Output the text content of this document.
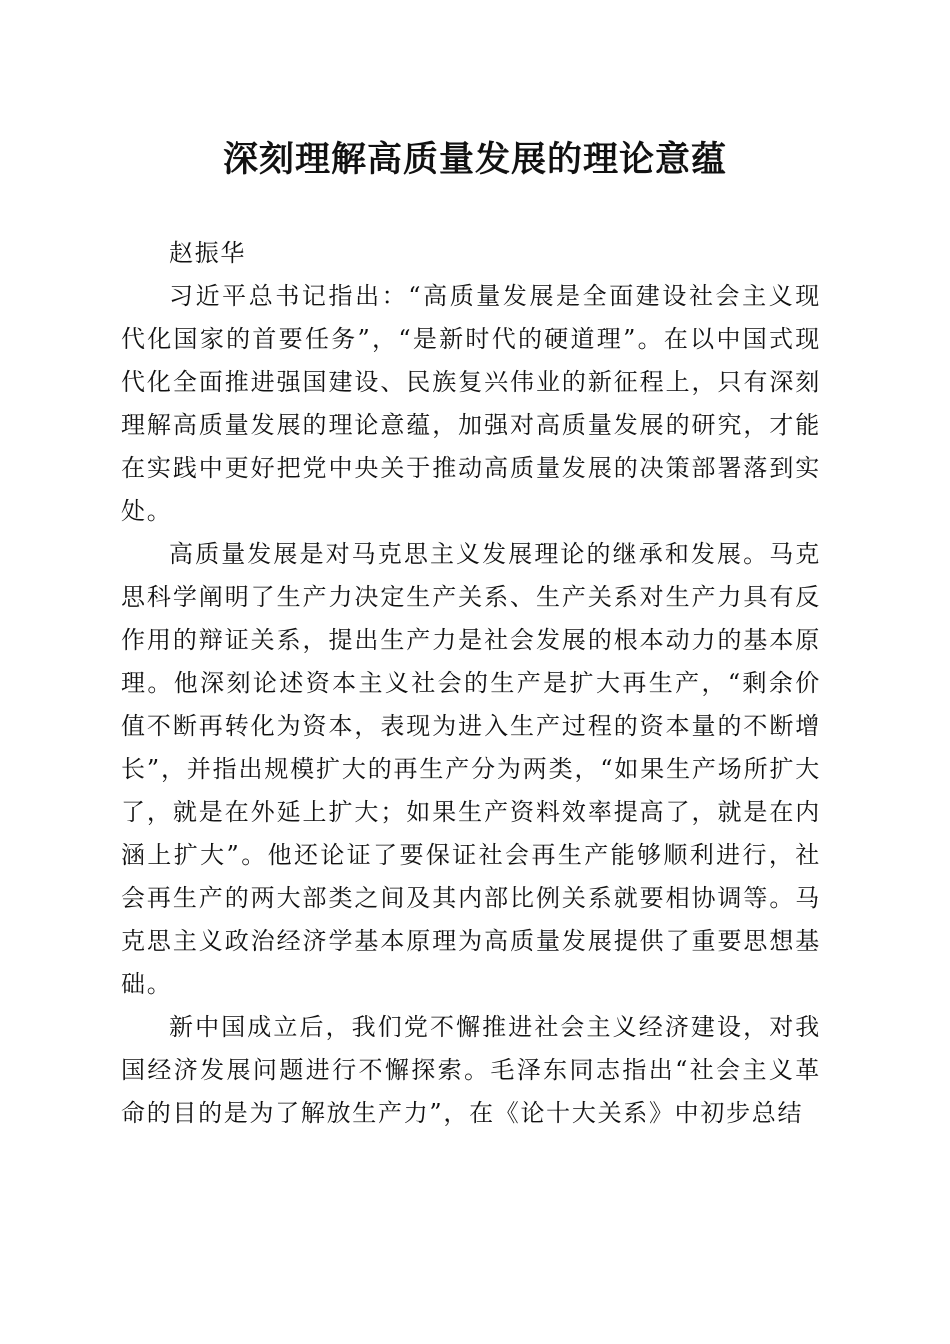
深刻理解高质量发展的理论意蕴

赵振华

习近平总书记指出：“高质量发展是全面建设社会主义现代化国家的首要任务”，“是新时代的硬道理”。在以中国式现代化全面推进强国建设、民族复兴伟业的新征程上，只有深刻理解高质量发展的理论意蕴，加强对高质量发展的研究，才能在实践中更好把党中央关于推动高质量发展的决策部署落到实处。

高质量发展是对马克思主义发展理论的继承和发展。马克思科学阐明了生产力决定生产关系、生产关系对生产力具有反作用的辩证关系，提出生产力是社会发展的根本动力的基本原理。他深刻论述资本主义社会的生产是扩大再生产，“剩余价值不断再转化为资本，表现为进入生产过程的资本量的不断增长”，并指出规模扩大的再生产分为两类，“如果生产场所扩大了，就是在外延上扩大；如果生产资料效率提高了，就是在内涵上扩大”。他还论证了要保证社会再生产能够顺利进行，社会再生产的两大部类之间及其内部比例关系就要相协调等。马克思主义政治经济学基本原理为高质量发展提供了重要思想基础。

新中国成立后，我们党不懈推进社会主义经济建设，对我国经济发展问题进行不懈探索。毛泽东同志指出“社会主义革命的目的是为了解放生产力”，在《论十大关系》中初步总结
